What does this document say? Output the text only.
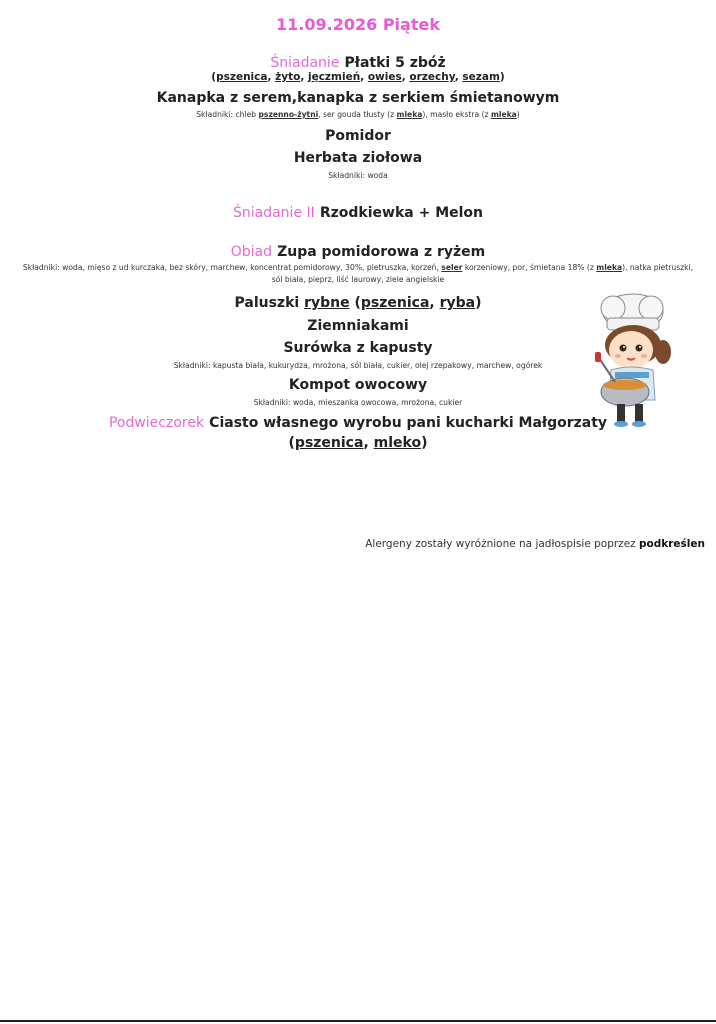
11.09.2026 Piątek
Śniadanie Płatki 5 zbóż
(pszenica, żyto, jęczmień, owies, orzechy, sezam)
Kanapka z serem,kanapka z serkiem śmietanowym
Składniki: chleb pszenno-żytni, ser gouda tłusty (z mleka), masło ekstra (z mleka)
Pomidor
Herbata ziołowa
Składniki: woda
Śniadanie II Rzodkiewka + Melon
Obiad Zupa pomidorowa z ryżem
Składniki: woda, mięso z ud kurczaka, bez skóry, marchew, koncentrat pomidorowy, 30%, pietruszka, korzeń, seler korzeniowy, por, śmietana 18% (z mleka), natka pietruszki, sól biała, pieprz, liść laurowy, ziele angielskie
Paluszki rybne (pszenica, ryba)
Ziemniakami
Surówka z kapusty
Składniki: kapusta biała, kukurydza, mrożona, sól biała, cukier, olej rzepakowy, marchew, ogórek
Kompot owocowy
Składniki: woda, mieszanka owocowa, mrożona, cukier
Podwieczorek Ciasto własnego wyrobu pani kucharki Małgorzaty
(pszenica, mleko)
Alergeny zostały wyróżnione na jadłospisie poprzez podkreślen
